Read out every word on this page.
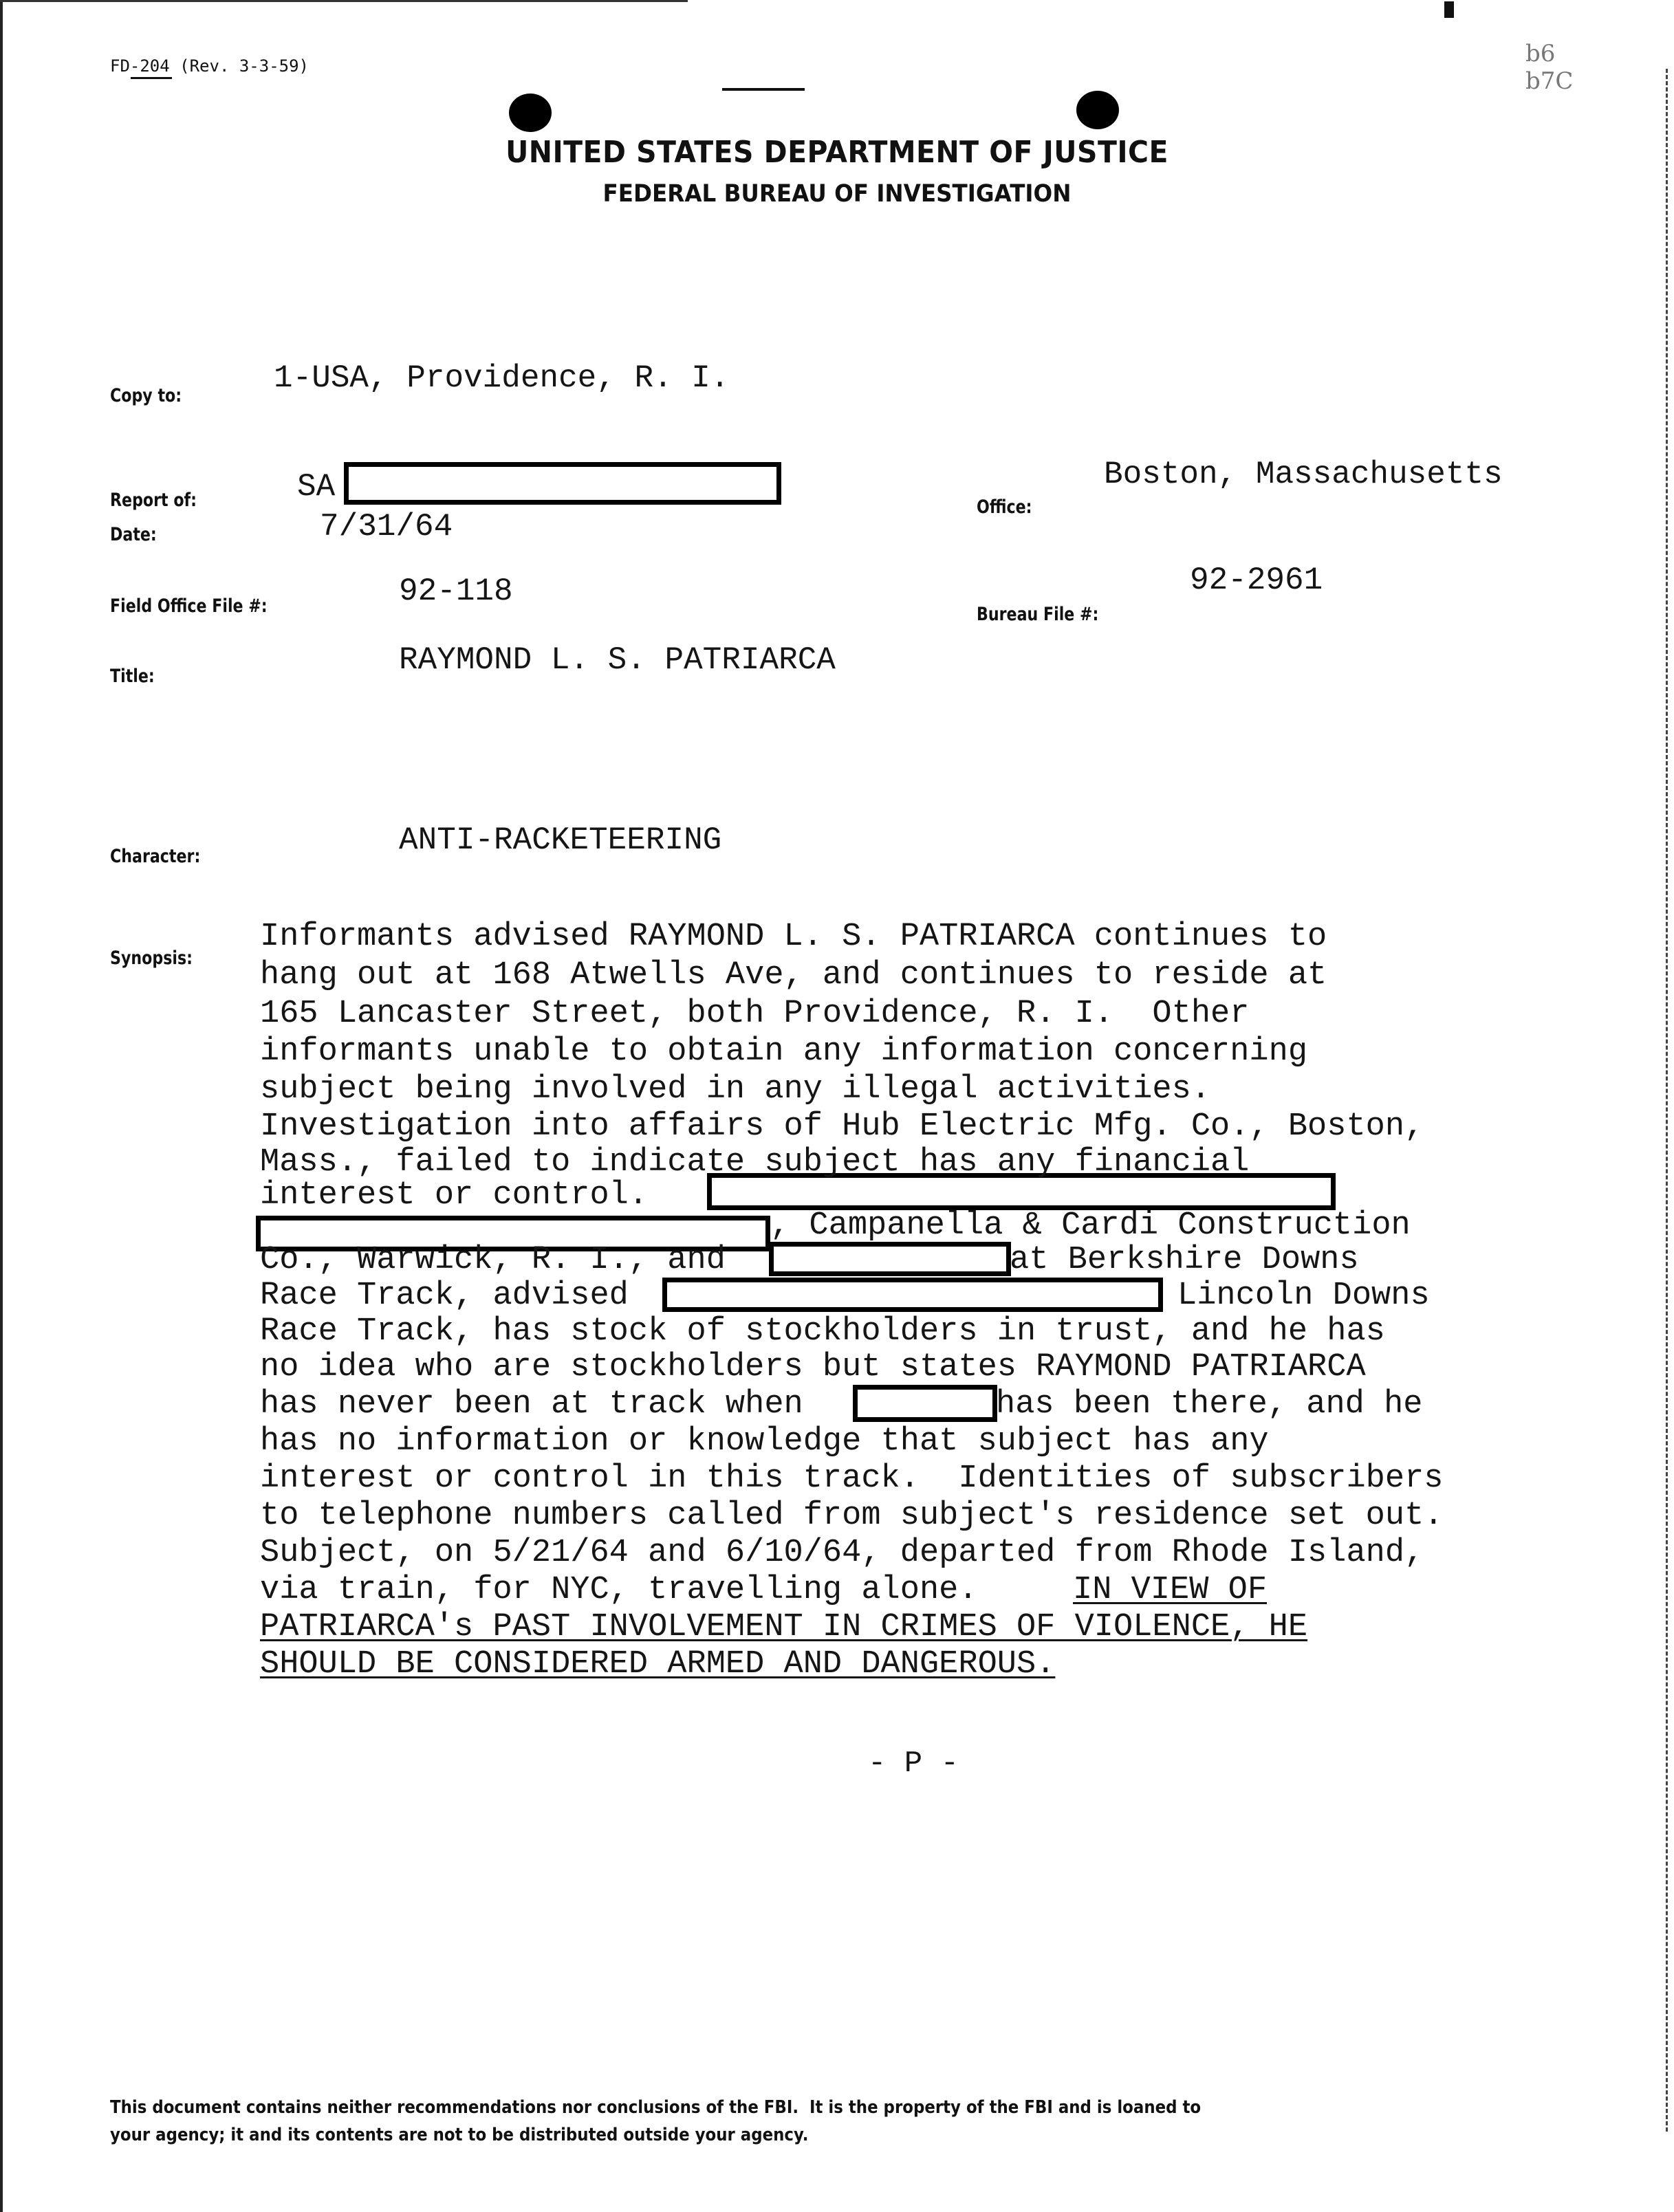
FD-204 (Rev. 3-3-59)	b6
b7C
UNITED STATES DEPARTMENT OF JUSTICE
FEDERAL BUREAU OF INVESTIGATION
Copy to:	1-USA, Providence, R. I.
Report of:	SA
Date:	7/31/64
Office:
Boston, Massachusetts
Field Office File #:	92-118
Bureau File #:
92-2961
Title:	RAYMOND L. S. PATRIARCA
Character:	ANTI-RACKETEERING
Synopsis:
Informants advised RAYMOND L. S. PATRIARCA continues to
hang out at 168 Atwells Ave, and continues to reside at
165 Lancaster Street, both Providence, R. I.  Other
informants unable to obtain any information concerning
subject being involved in any illegal activities.
Investigation into affairs of Hub Electric Mfg. Co., Boston,
Mass., failed to indicate subject has any financial
interest or control.
, Campanella & Cardi Construction
Co., Warwick, R. I., and	at Berkshire Downs
Race Track, advised	Lincoln Downs
Race Track, has stock of stockholders in trust, and he has
no idea who are stockholders but states RAYMOND PATRIARCA
has never been at track when	has been there, and he
has no information or knowledge that subject has any
interest or control in this track.  Identities of subscribers
to telephone numbers called from subject's residence set out.
Subject, on 5/21/64 and 6/10/64, departed from Rhode Island,
via train, for NYC, travelling alone.	IN VIEW OF
PATRIARCA's PAST INVOLVEMENT IN CRIMES OF VIOLENCE, HE
SHOULD BE CONSIDERED ARMED AND DANGEROUS.
- P -
This document contains neither recommendations nor conclusions of the FBI.  It is the property of the FBI and is loaned to
your agency; it and its contents are not to be distributed outside your agency.
